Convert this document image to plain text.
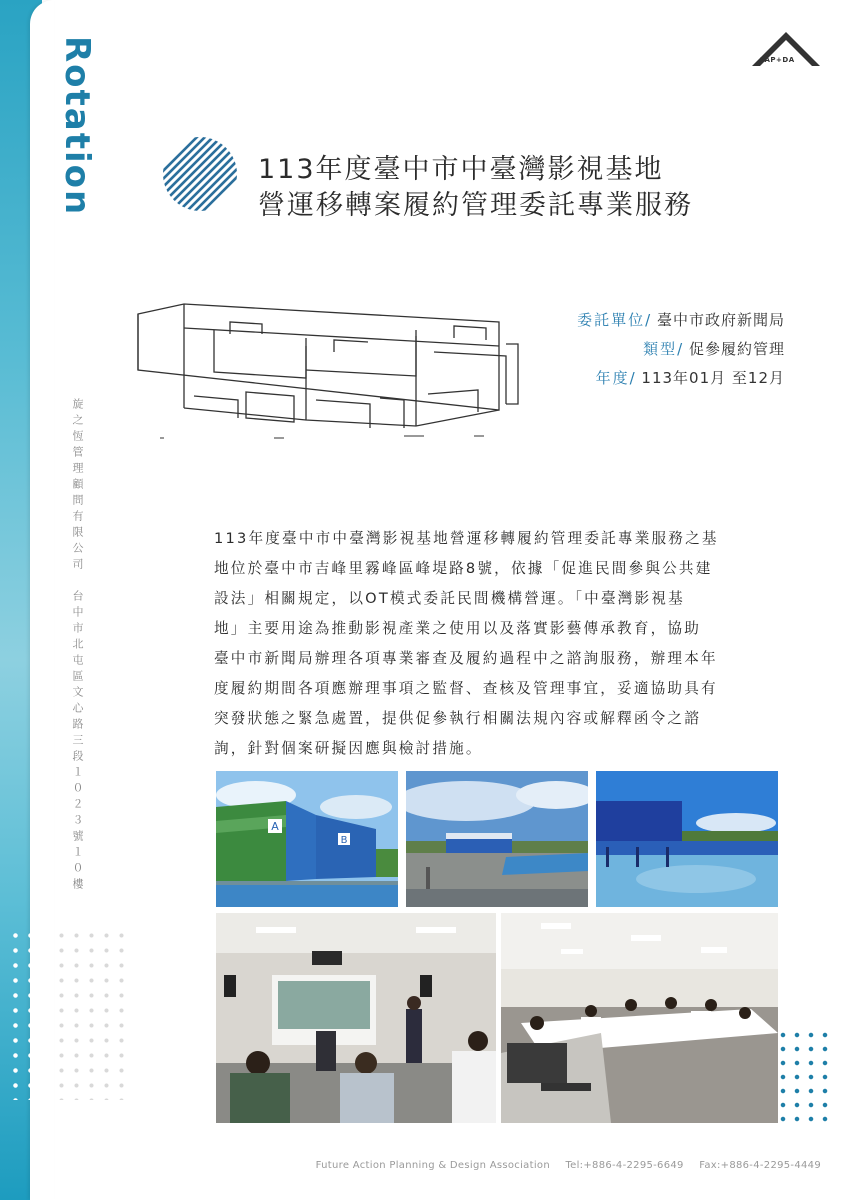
Rotation
旋之恆管理顧問有限公司　台中市北屯區文心路三段１０２３號１０樓
FAP+DA
113年度臺中市中臺灣影視基地
營運移轉案履約管理委託專業服務
委託單位/ 臺中市政府新聞局
類型/ 促參履約管理
年度/ 113年01月 至12月
113年度臺中市中臺灣影視基地營運移轉履約管理委託專業服務之基
地位於臺中市吉峰里霧峰區峰堤路8號，依據「促進民間參與公共建
設法」相關規定，以OT模式委託民間機構營運。「中臺灣影視基
地」主要用途為推動影視產業之使用以及落實影藝傳承教育，協助
臺中市新聞局辦理各項專業審查及履約過程中之諮詢服務，辦理本年
度履約期間各項應辦理事項之監督、查核及管理事宜，妥適協助具有
突發狀態之緊急處置，提供促參執行相關法規內容或解釋函令之諮
詢，針對個案研擬因應與檢討措施。
A
B
Future Action Planning & Design Association Tel:+886-4-2295-6649 Fax:+886-4-2295-4449
